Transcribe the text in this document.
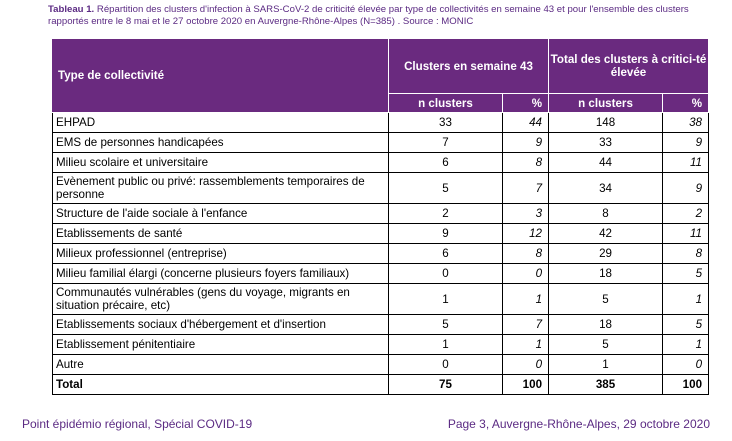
Tableau 1. Répartition des clusters d'infection à SARS-CoV-2 de criticité élevée par type de collectivités en semaine 43 et pour l'ensemble des clusters rapportés entre le 8 mai et le 27 octobre 2020 en Auvergne-Rhône-Alpes (N=385) . Source : MONIC
Type de collectivité	Clusters en semaine 43		Total des clusters à critici-té élevée	
	n clusters	%	n clusters	%
EHPAD	33	44	148	38
EMS de personnes handicapées	7	9	33	9
Milieu scolaire et universitaire	6	8	44	11
Evènement public ou privé: rassemblements temporaires de personne	5	7	34	9
Structure de l'aide sociale à l'enfance	2	3	8	2
Etablissements de santé	9	12	42	11
Milieux professionnel (entreprise)	6	8	29	8
Milieu familial élargi (concerne plusieurs foyers familiaux)	0	0	18	5
Communautés vulnérables (gens du voyage, migrants en situation précaire, etc)	1	1	5	1
Etablissements sociaux d'hébergement et d'insertion	5	7	18	5
Etablissement pénitentiaire	1	1	5	1
Autre	0	0	1	0
Total	75	100	385	100
Point épidémio régional, Spécial COVID-19	Page 3, Auvergne-Rhône-Alpes, 29 octobre 2020
